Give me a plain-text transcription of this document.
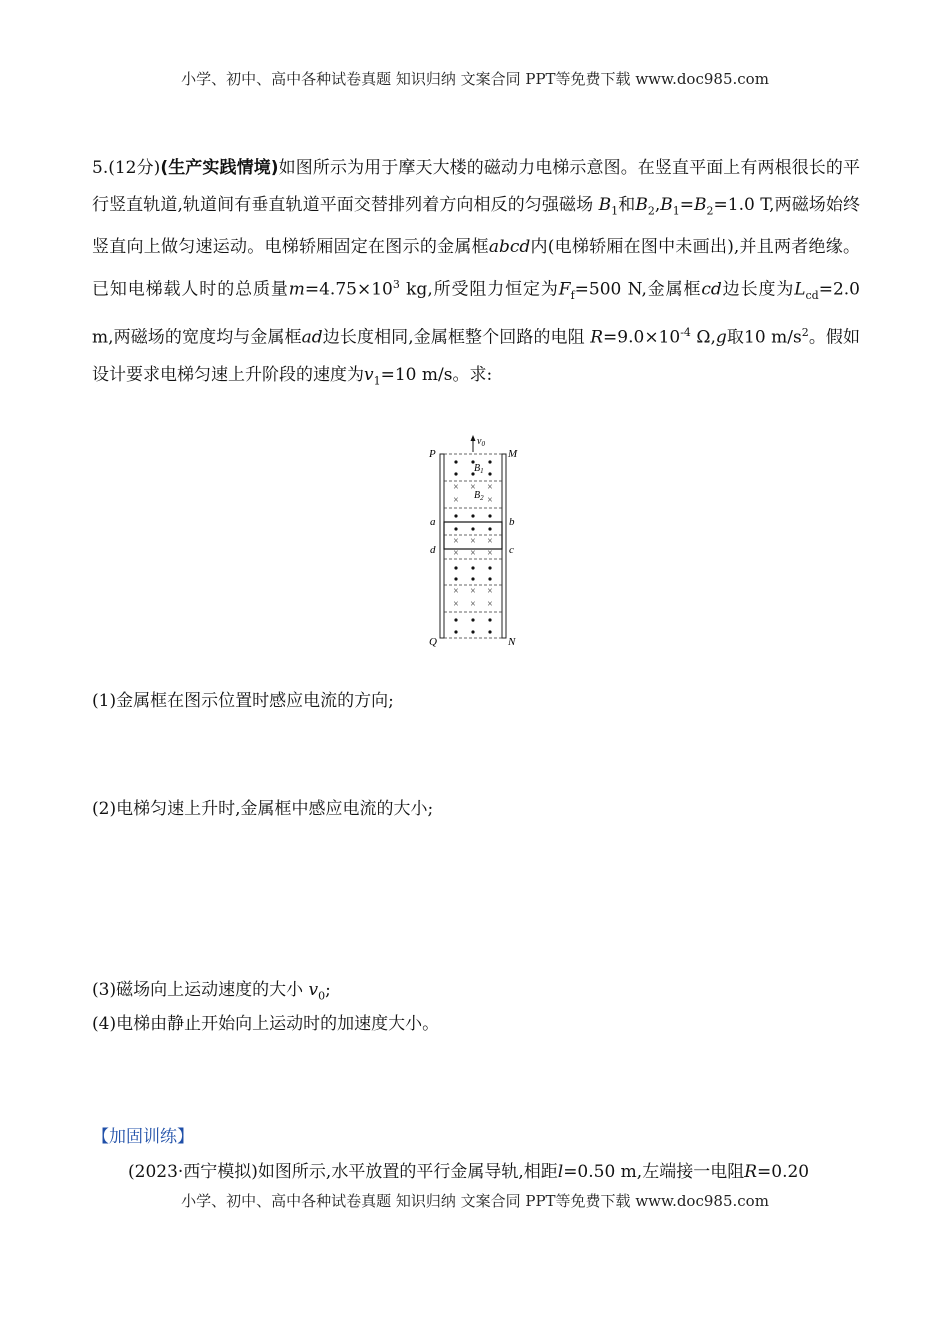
小学、初中、高中各种试卷真题 知识归纳 文案合同 PPT等免费下载 www.doc985.com
5.(12分)(生产实践情境)如图所示为用于摩天大楼的磁动力电梯示意图。在竖直平面上有两根很长的平行竖直轨道,轨道间有垂直轨道平面交替排列着方向相反的匀强磁场 $B_1$和$B_2,B_1=B_2=1.0$ T,两磁场始终竖直向上做匀速运动。电梯轿厢固定在图示的金属框abcd内(电梯轿厢在图中未画出),并且两者绝缘。已知电梯载人时的总质量$m=4.75\times 10^3$ kg,所受阻力恒定为$F_f=500$ N,金属框cd边长度为$L_{cd}=2.0$ m,两磁场的宽度均与金属框ad边长度相同,金属框整个回路的电阻 $R=9.0\times 10^{-4}$ Ω,g取10 $m/s^2$。假如设计要求电梯匀速上升阶段的速度为$v_1=10$ m/s。求:
× × ×
×	×
× × ×
× × ×
× × ×
× × ×
$v_0$
$B_1$
$B_2$
P	M
a	b
d	c
Q	N
(1)金属框在图示位置时感应电流的方向;
(2)电梯匀速上升时,金属框中感应电流的大小;
(3)磁场向上运动速度的大小 $v_0$;
(4)电梯由静止开始向上运动时的加速度大小。
【加固训练】
(2023·西宁模拟)如图所示,水平放置的平行金属导轨,相距l=0.50 m,左端接一电阻R=0.20
小学、初中、高中各种试卷真题 知识归纳 文案合同 PPT等免费下载 www.doc985.com
